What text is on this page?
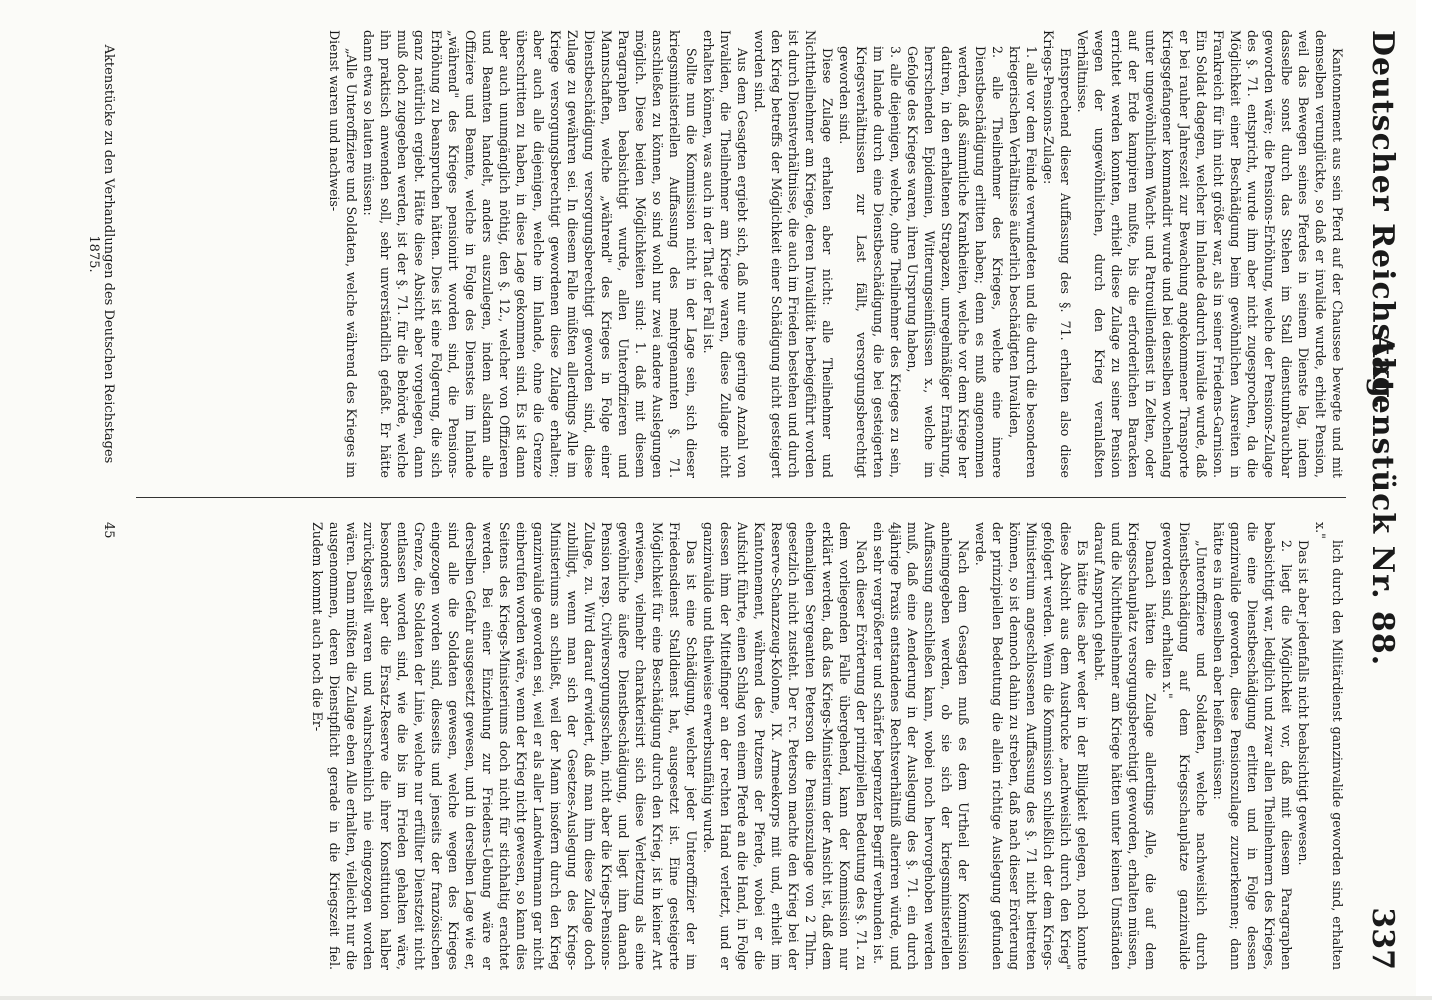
Deutscher Reichstag.
Aktenstück Nr. 88.
337

Kantonnement aus sein Pferd auf der Chaussee bewegte und mit demselben verunglückte, so daß er invalide wurde, erhielt Pension, weil das Bewegen seines Pferdes in seinem Dienste lag, indem dasselbe sonst durch das Stehen im Stall dienstunbrauchbar geworden wäre; die Pensions-Erhöhung, welche der Pensions-Zulage des §. 71. entspricht, wurde ihm aber nicht zugesprochen, da die Möglichkeit einer Beschädigung beim gewöhnlichen Ausreiten in Frankreich für ihn nicht größer war, als in seiner Friedens-Garnison. Ein Soldat dagegen, welcher im Inlande dadurch invalide wurde, daß er bei rauher Jahreszeit zur Bewachung angekommener Transporte Kriegsgefangener kommandirt wurde und bei denselben wochenlang unter ungewöhnlichem Wacht- und Patrouillendienst in Zelten, oder auf der Erde kampiren mußte, bis die erforderlichen Baracken errichtet werden konnten, erhielt diese Zulage zu seiner Pension wegen der ungewöhnlichen, durch den Krieg veranlaßten Verhältnisse.

Entsprechend dieser Auffassung des §. 71. erhalten also diese Kriegs-Pensions-Zulage:

1. alle vor dem Feinde verwundeten und die durch die besonderen kriegerischen Verhältnisse äußerlich beschädigten Invaliden,

2. alle Theilnehmer des Krieges, welche eine innere Dienstbeschädigung erlitten haben; denn es muß angenommen werden, daß sämmtliche Krankheiten, welche vor dem Kriege her datiren, in den erhaltenen Strapazen, unregelmäßiger Ernährung, herrschenden Epidemien, Witterungseinflüssen x., welche im Gefolge des Krieges waren, ihren Ursprung haben,

3. alle diejenigen, welche, ohne Theilnehmer des Krieges zu sein, im Inlande durch eine Dienstbeschädigung, die bei gesteigerten Kriegsverhältnissen zur Last fällt, versorgungsberechtigt geworden sind.

Diese Zulage erhalten aber nicht: alle Theilnehmer und Nichttheilnehmer am Kriege, deren Invalidität herbeigeführt worden ist durch Dienstverhältnisse, die auch im Frieden bestehen und durch den Krieg betreffs der Möglichkeit einer Schädigung nicht gesteigert worden sind.

Aus dem Gesagten ergiebt sich, daß nur eine geringe Anzahl von Invaliden, die Theilnehmer am Kriege waren, diese Zulage nicht erhalten können, was auch in der That der Fall ist.

Sollte nun die Kommission nicht in der Lage sein, sich dieser kriegsministeriellen Auffassung des mehrgenannten §. 71. anschließen zu können, so sind wohl nur zwei andere Auslegungen möglich. Diese beiden Möglichkeiten sind: 1. daß mit diesem Paragraphen beabsichtigt wurde, allen Unteroffizieren und Mannschaften, welche „während" des Krieges in Folge einer Dienstbeschädigung versorgungsberechtigt geworden sind, diese Zulage zu gewähren sei. In diesem Falle müßten allerdings Alle im Kriege versorgungsberechtigt gewordenen diese Zulage erhalten; aber auch alle diejenigen, welche im Inlande, ohne die Grenze überschritten zu haben, in diese Lage gekommen sind. Es ist dann aber auch unumgänglich nöthig, den §. 12., welcher von Offizieren und Beamten handelt, anders auszulegen, indem alsdann alle Offiziere und Beamte, welche in Folge des Dienstes im Inlande „während" des Krieges pensionirt worden sind, die Pensions-Erhöhung zu beanspruchen hätten. Dies ist eine Folgerung, die sich ganz natürlich ergiebt. Hätte diese Absicht aber vorgelegen, dann muß doch zugegeben werden, ist der §. 71. für die Behörde, welche ihn praktisch anwenden soll, sehr unverständlich gefaßt. Er hätte dann etwa so lauten müssen:

„Alle Unteroffiziere und Soldaten, welche während des Krieges im Dienst waren und nachweis-

lich durch den Militärdienst ganzinvalide geworden sind, erhalten x."

Das ist aber jedenfalls nicht beabsichtigt gewesen.

2. liegt die Möglichkeit vor, daß mit diesem Paragraphen beabsichtigt war, lediglich und zwar allen Theilnehmern des Krieges, die eine Dienstbeschädigung erlitten und in Folge dessen ganzinvalide geworden, diese Pensionszulage zuzuerkennen; dann hätte es in demselben aber heißen müssen:

„Unteroffiziere und Soldaten, welche nachweislich durch Dienstbeschädigung auf dem Kriegsschauplatze ganzinvalide geworden sind, erhalten x."

Danach hätten die Zulage allerdings Alle, die auf dem Kriegsschauplatz versorgungsberechtigt geworden, erhalten müssen, und die Nichttheilnehmer am Kriege hätten unter keinen Umständen darauf Anspruch gehabt.

Es hätte dies aber weder in der Billigkeit gelegen, noch konnte diese Absicht aus dem Ausdrucke „nachweislich durch den Krieg" gefolgert werden. Wenn die Kommission schließlich der dem Kriegs-Ministerium angeschlossenen Auffassung des §. 71 nicht beitreten können, so ist dennoch dahin zu streben, daß nach dieser Erörterung der prinzipiellen Bedeutung die allein richtige Auslegung gefunden werde.

Nach dem Gesagten muß es dem Urtheil der Kommission anheimgegeben werden, ob sie sich der kriegsministeriellen Auffassung anschließen kann, wobei noch hervorgehoben werden muß, daß eine Aenderung in der Auslegung des §. 71. ein durch 4jährige Praxis entstandenes Rechtsverhältniß alteriren würde, und ein sehr vergrößerter und schärfer begrenzter Begriff verbunden ist.

Nach dieser Erörterung der prinzipiellen Bedeutung des §. 71. zu dem vorliegenden Falle übergehend, kann der Kommission nur erklärt werden, daß das Kriegs-Ministerium der Ansicht ist, daß dem ehemaligen Sergeanten Peterson die Pensionszulage von 2 Thlrn. gesetzlich nicht zusteht. Der rc. Peterson machte den Krieg bei der Reserve-Schanzzeug-Kolonne, IX. Armeekorps mit und, erhielt im Kantonnement, während des Putzens der Pferde, wobei er die Aufsicht führte, einen Schlag von einem Pferde an die Hand, in Folge dessen ihm der Mittelfinger an der rechten Hand verletzt, und er ganzinvalide und theilweise erwerbsunfähig wurde.

Das ist eine Schädigung, welcher jeder Unteroffizier der im Friedensdienst Stalldienst hat, ausgesetzt ist. Eine gesteigerte Möglichkeit für eine Beschädigung durch den Krieg, ist in keiner Art erwiesen, vielmehr charakterisirt sich diese Verletzung als eine gewöhnliche äußere Dienstbeschädigung, und liegt ihm danach Pension resp. Civilversorgungsschein, nicht aber die Kriegs-Pensions-Zulage, zu. Wird darauf erwidert, daß man ihm diese Zulage doch zubilligt, wenn man sich der Gesetzes-Auslegung des Kriegs-Ministeriums an schließt, weil der Mann insofern durch den Krieg ganzinvalide geworden sei, weil er als aller Landwehrmann gar nicht einberufen worden wäre, wenn der Krieg nicht gewesen, so kann dies Seitens des Kriegs-Ministeriums doch nicht für stichhaltig erachtet werden. Bei einer Einziehung zur Friedens-Uebung wäre er derselben Gefahr ausgesetzt gewesen, und in derselben Lage wie er, sind alle die Soldaten gewesen, welche wegen des Krieges eingezogen worden sind, diesseits und jenseits der französischen Grenze, die Soldaten der Linie, welche nur erfüllter Dienstzeit nicht entlassen worden sind, wie die bis im Frieden gehalten wäre, besonders aber die Ersatz-Reserve die ihrer Konstitution halber zurückgestellt waren und wahrscheinlich nie eingezogen worden wären. Dann müßten die Zulage eben Alle erhalten, vielleicht nur die ausgenommen, deren Dienstpflicht gerade in die Kriegszeit fiel. Zudem kommt auch noch die Er-

Aktenstücke zu den Verhandlungen des Deutschen Reichstages 1875.
45
